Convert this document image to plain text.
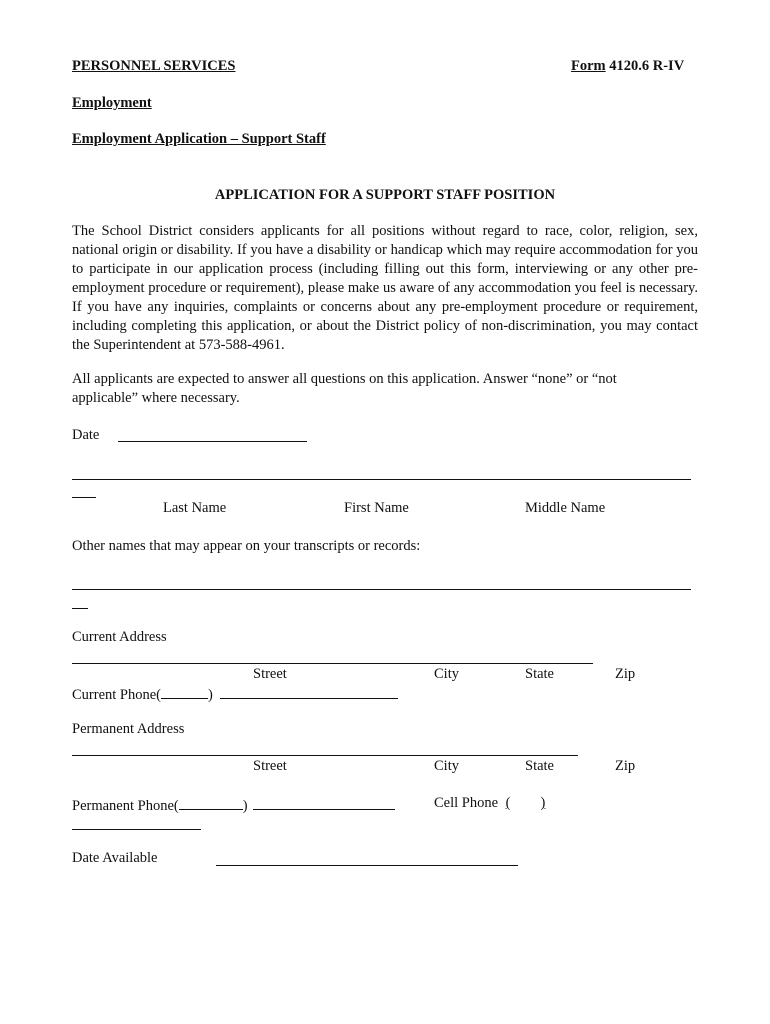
PERSONNEL SERVICES	Form 4120.6 R-IV
Employment
Employment Application – Support Staff
APPLICATION FOR A SUPPORT STAFF POSITION
The School District considers applicants for all positions without regard to race, color, religion, sex, national origin or disability. If you have a disability or handicap which may require accommodation for you to participate in our application process (including filling out this form, interviewing or any other pre-employment procedure or requirement), please make us aware of any accommodation you feel is necessary. If you have any inquiries, complaints or concerns about any pre-employment procedure or requirement, including completing this application, or about the District policy of non-discrimination, you may contact the Superintendent at 573-588-4961.
All applicants are expected to answer all questions on this application. Answer “none” or “not applicable” where necessary.
Date
Last Name	First Name	Middle Name
Other names that may appear on your transcripts or records:
Current Address
Street	City	State	Zip
Current Phone(	)
Permanent Address
Street	City	State	Zip
Permanent Phone(	)	Cell Phone ( )
Date Available
